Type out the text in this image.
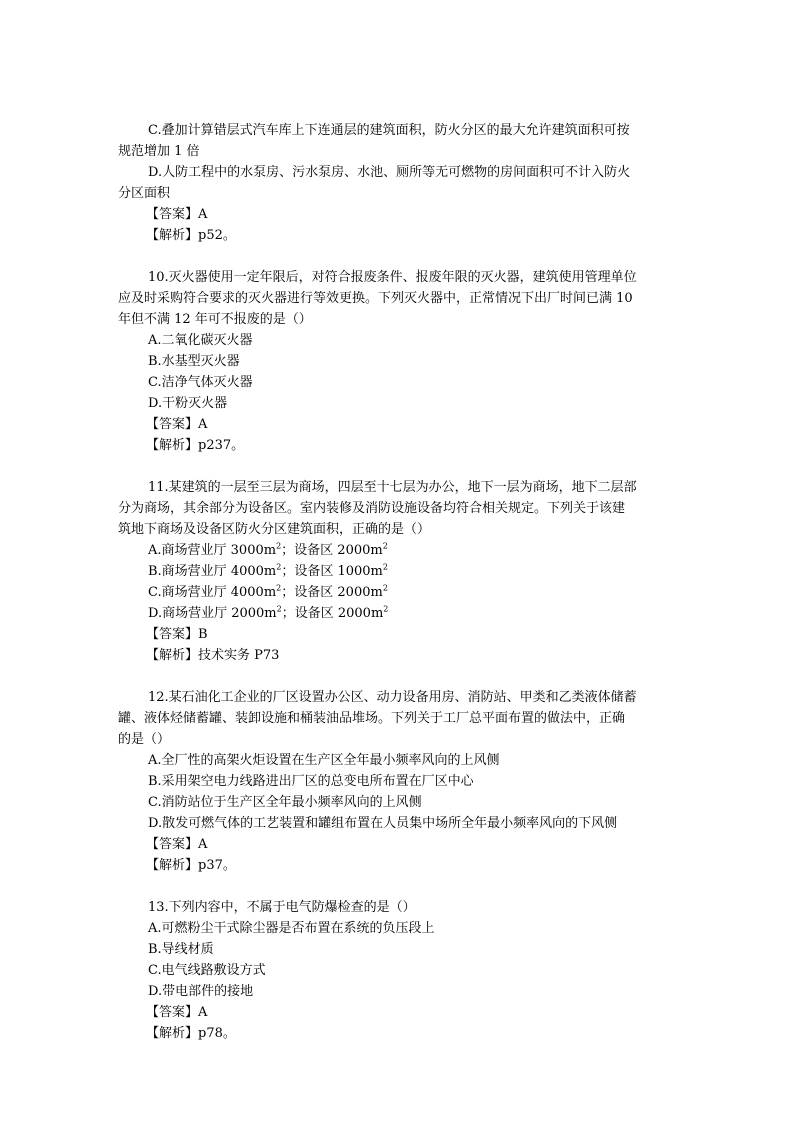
C.叠加计算错层式汽车库上下连通层的建筑面积，防火分区的最大允许建筑面积可按
规范增加 1 倍
D.人防工程中的水泵房、污水泵房、水池、厕所等无可燃物的房间面积可不计入防火
分区面积
【答案】A
【解析】p52。
10.灭火器使用一定年限后，对符合报废条件、报废年限的灭火器，建筑使用管理单位
应及时采购符合要求的灭火器进行等效更换。下列灭火器中，正常情况下出厂时间已满 10
年但不满 12 年可不报废的是（）
A.二氧化碳灭火器
B.水基型灭火器
C.洁净气体灭火器
D.干粉灭火器
【答案】A
【解析】p237。
11.某建筑的一层至三层为商场，四层至十七层为办公，地下一层为商场，地下二层部
分为商场，其余部分为设备区。室内装修及消防设施设备均符合相关规定。下列关于该建
筑地下商场及设备区防火分区建筑面积，正确的是（）
A.商场营业厅 $3000m^2$；设备区 $2000m^2$
B.商场营业厅 $4000m^2$；设备区 $1000m^2$
C.商场营业厅 $4000m^2$；设备区 $2000m^2$
D.商场营业厅 $2000m^2$；设备区 $2000m^2$
【答案】B
【解析】技术实务 P73
12.某石油化工企业的厂区设置办公区、动力设备用房、消防站、甲类和乙类液体储蓄
罐、液体烃储蓄罐、装卸设施和桶装油品堆场。下列关于工厂总平面布置的做法中，正确
的是（）
A.全厂性的高架火炬设置在生产区全年最小频率风向的上风侧
B.采用架空电力线路进出厂区的总变电所布置在厂区中心
C.消防站位于生产区全年最小频率风向的上风侧
D.散发可燃气体的工艺装置和罐组布置在人员集中场所全年最小频率风向的下风侧
【答案】A
【解析】p37。
13.下列内容中，不属于电气防爆检查的是（）
A.可燃粉尘干式除尘器是否布置在系统的负压段上
B.导线材质
C.电气线路敷设方式
D.带电部件的接地
【答案】A
【解析】p78。
